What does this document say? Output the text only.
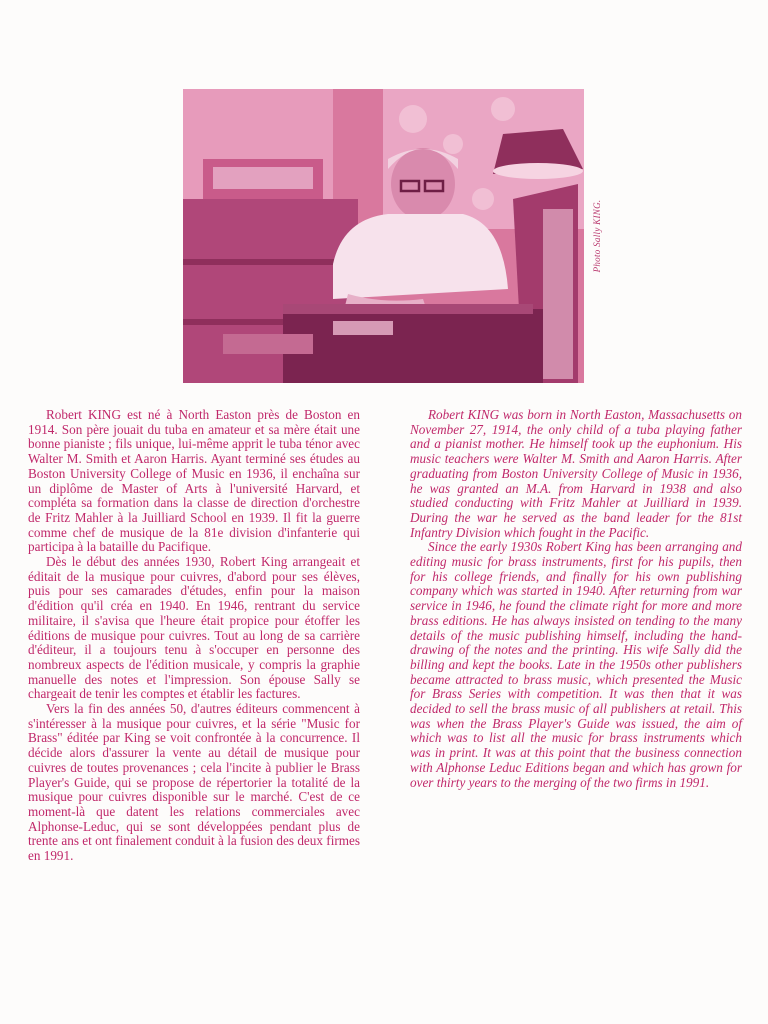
Photo Sally KING.

Robert KING est né à North Easton près de Boston en 1914. Son père jouait du tuba en amateur et sa mère était une bonne pianiste ; fils unique, lui-même apprit le tuba ténor avec Walter M. Smith et Aaron Harris. Ayant terminé ses études au Boston University College of Music en 1936, il enchaîna sur un diplôme de Master of Arts à l'université Harvard, et compléta sa formation dans la classe de direction d'orchestre de Fritz Mahler à la Juilliard School en 1939. Il fit la guerre comme chef de musique de la 81e division d'infanterie qui participa à la bataille du Pacifique.

Dès le début des années 1930, Robert King arrangeait et éditait de la musique pour cuivres, d'abord pour ses élèves, puis pour ses camarades d'études, enfin pour la maison d'édition qu'il créa en 1940. En 1946, rentrant du service militaire, il s'avisa que l'heure était propice pour étoffer les éditions de musique pour cuivres. Tout au long de sa carrière d'éditeur, il a toujours tenu à s'occuper en personne des nombreux aspects de l'édition musicale, y compris la graphie manuelle des notes et l'impression. Son épouse Sally se chargeait de tenir les comptes et établir les factures.

Vers la fin des années 50, d'autres éditeurs commencent à s'intéresser à la musique pour cuivres, et la série "Music for Brass" éditée par King se voit confrontée à la concurrence. Il décide alors d'assurer la vente au détail de musique pour cuivres de toutes provenances ; cela l'incite à publier le Brass Player's Guide, qui se propose de répertorier la totalité de la musique pour cuivres disponible sur le marché. C'est de ce moment-là que datent les relations commerciales avec Alphonse-Leduc, qui se sont développées pendant plus de trente ans et ont finalement conduit à la fusion des deux firmes en 1991.

Robert KING was born in North Easton, Massachusetts on November 27, 1914, the only child of a tuba playing father and a pianist mother. He himself took up the euphonium. His music teachers were Walter M. Smith and Aaron Harris. After graduating from Boston University College of Music in 1936, he was granted an M.A. from Harvard in 1938 and also studied conducting with Fritz Mahler at Juilliard in 1939. During the war he served as the band leader for the 81st Infantry Division which fought in the Pacific.

Since the early 1930s Robert King has been arranging and editing music for brass instruments, first for his pupils, then for his college friends, and finally for his own publishing company which was started in 1940. After returning from war service in 1946, he found the climate right for more and more brass editions. He has always insisted on tending to the many details of the music publishing himself, including the hand-drawing of the notes and the printing. His wife Sally did the billing and kept the books. Late in the 1950s other publishers became attracted to brass music, which presented the Music for Brass Series with competition. It was then that it was decided to sell the brass music of all publishers at retail. This was when the Brass Player's Guide was issued, the aim of which was to list all the music for brass instruments which was in print. It was at this point that the business connection with Alphonse Leduc Editions began and which has grown for over thirty years to the merging of the two firms in 1991.
